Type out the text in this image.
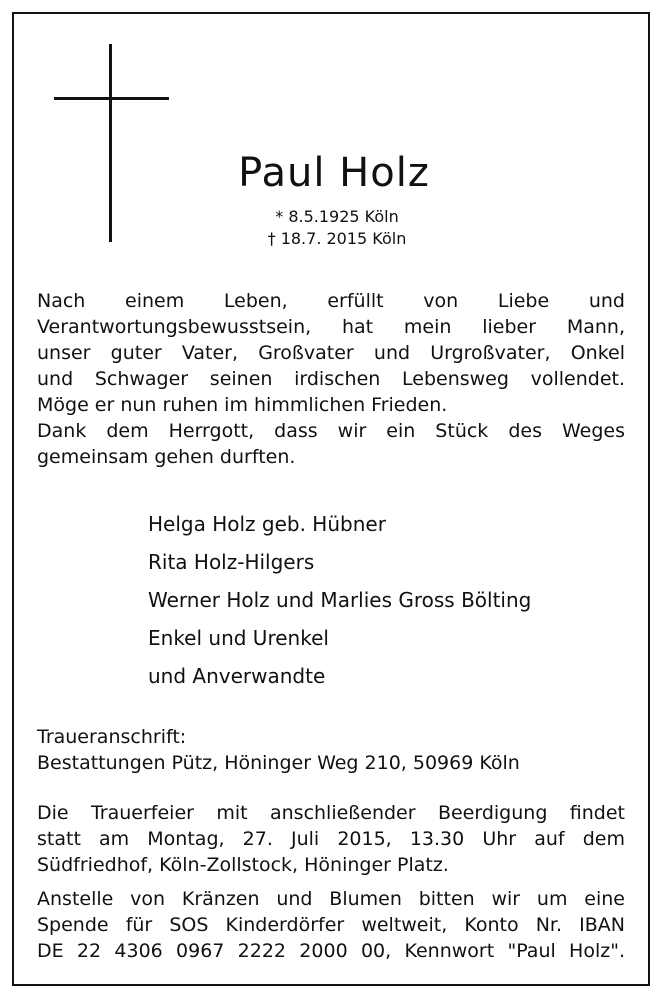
Paul Holz
* 8.5.1925 Köln
† 18.7. 2015 Köln
Nach einem Leben, erfüllt von Liebe und
Verantwortungsbewusstsein, hat mein lieber Mann,
unser guter Vater, Großvater und Urgroßvater, Onkel
und Schwager seinen irdischen Lebensweg vollendet.
Möge er nun ruhen im himmlichen Frieden.
Dank dem Herrgott, dass wir ein Stück des Weges
gemeinsam gehen durften.
Helga Holz geb. Hübner
Rita Holz-Hilgers
Werner Holz und Marlies Gross Bölting
Enkel und Urenkel
und Anverwandte
Traueranschrift:
Bestattungen Pütz, Höninger Weg 210, 50969 Köln
Die Trauerfeier mit anschließender Beerdigung findet
statt am Montag, 27. Juli 2015, 13.30 Uhr auf dem
Südfriedhof, Köln-Zollstock, Höninger Platz.
Anstelle von Kränzen und Blumen bitten wir um eine
Spende für SOS Kinderdörfer weltweit, Konto Nr. IBAN
DE 22 4306 0967 2222 2000 00, Kennwort "Paul Holz".
